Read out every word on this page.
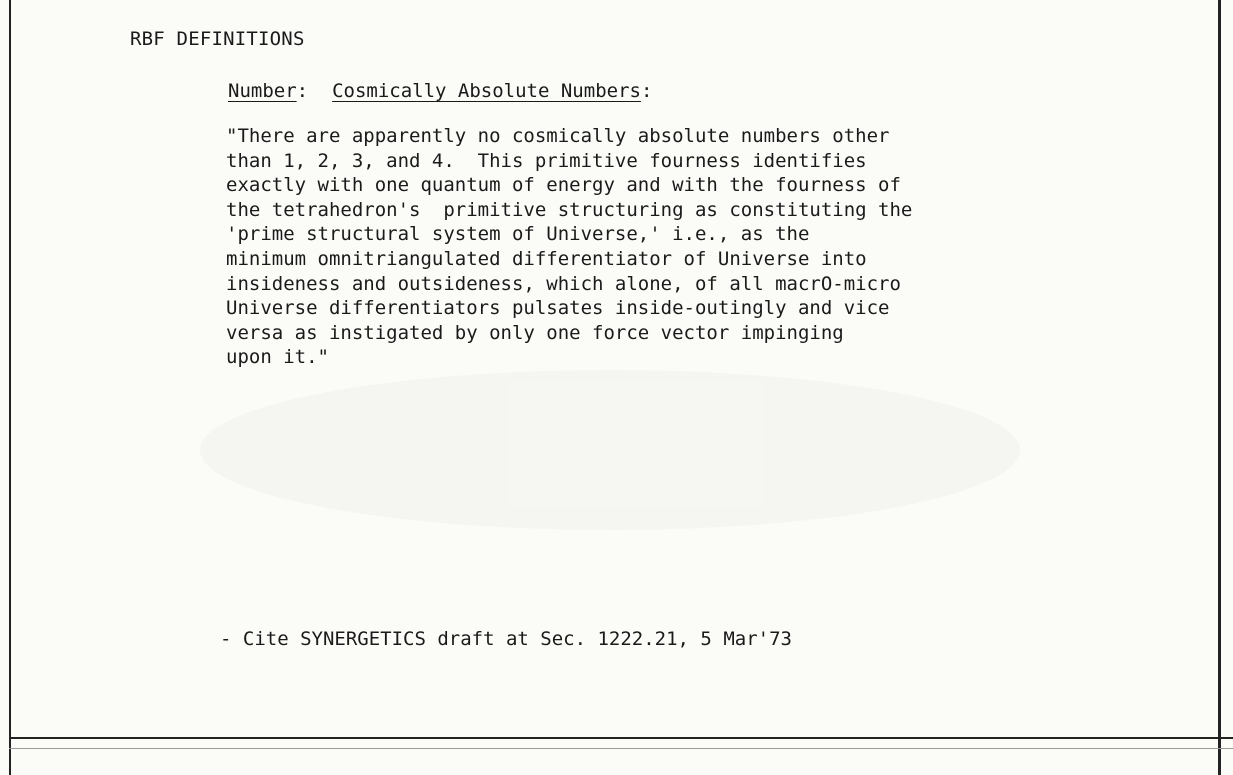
RBF DEFINITIONS
Number: Cosmically Absolute Numbers:

"There are apparently no cosmically absolute numbers other
than 1, 2, 3, and 4.  This primitive fourness identifies
exactly with one quantum of energy and with the fourness of
the tetrahedron's  primitive structuring as constituting the
'prime structural system of Universe,' i.e., as the
minimum omnitriangulated differentiator of Universe into
insideness and outsideness, which alone, of all macrO-micro
Universe differentiators pulsates inside-outingly and vice
versa as instigated by only one force vector impinging
upon it."

- Cite SYNERGETICS draft at Sec. 1222.21, 5 Mar'73
